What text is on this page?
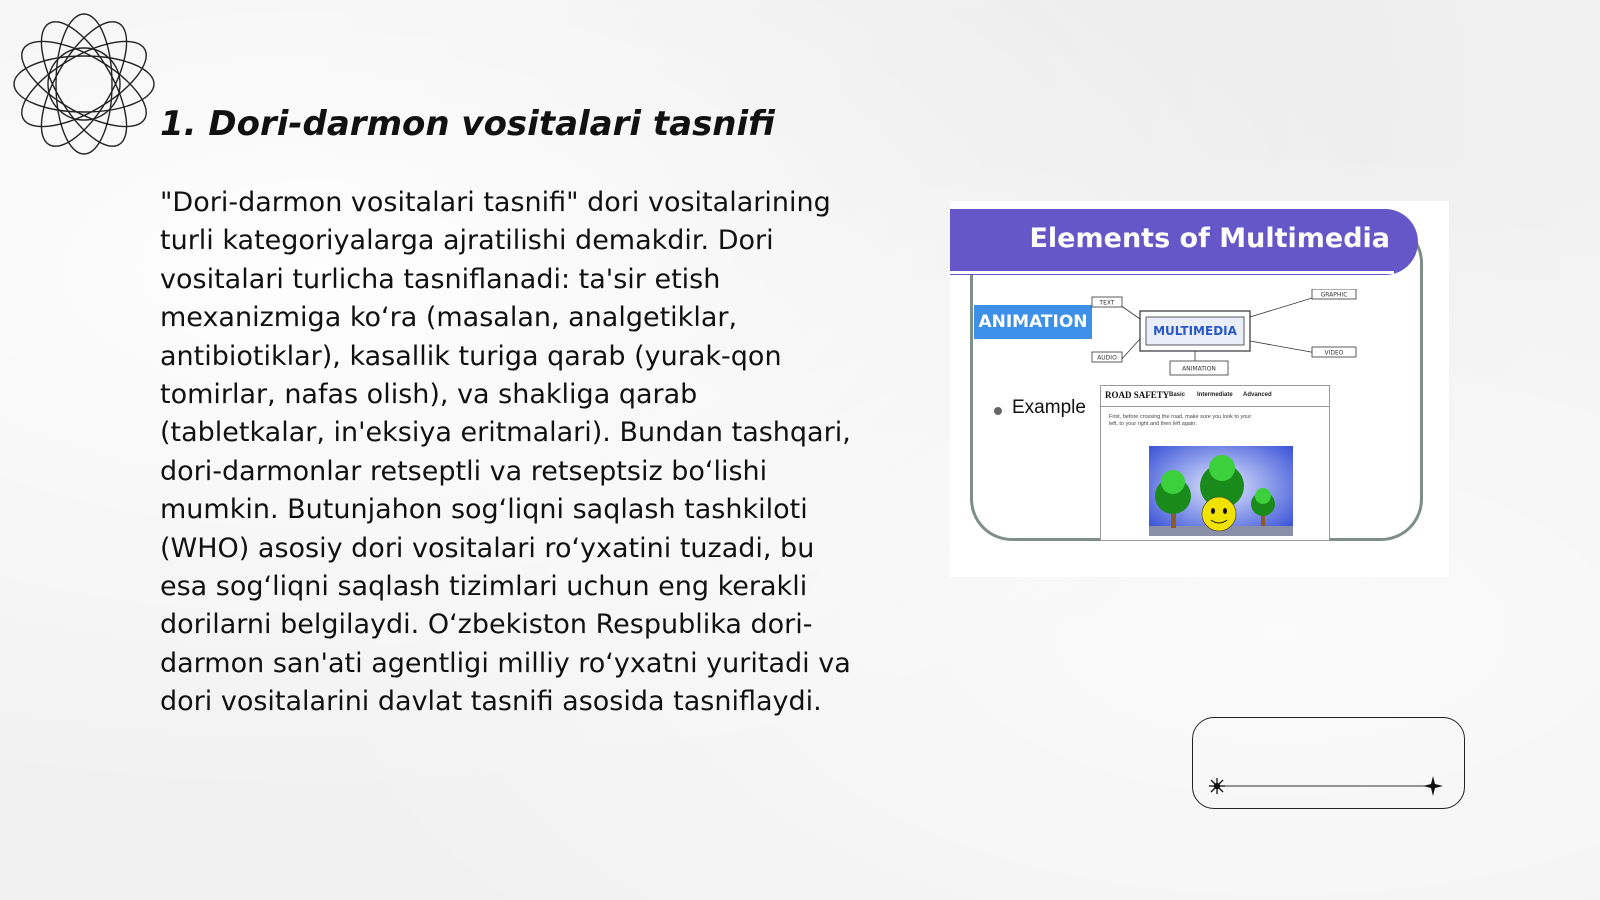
1. Dori-darmon vositalari tasnifi

"Dori-darmon vositalari tasnifi" dori vositalarining turli kategoriyalarga ajratilishi demakdir. Dori vositalari turlicha tasniflanadi: ta'sir etish mexanizmiga ko‘ra (masalan, analgetiklar, antibiotiklar), kasallik turiga qarab (yurak-qon tomirlar, nafas olish), va shakliga qarab (tabletkalar, in'eksiya eritmalari). Bundan tashqari, dori-darmonlar retseptli va retseptsiz bo‘lishi mumkin. Butunjahon sog‘liqni saqlash tashkiloti (WHO) asosiy dori vositalari ro‘yxatini tuzadi, bu esa sog‘liqni saqlash tizimlari uchun eng kerakli dorilarni belgilaydi. O‘zbekiston Respublika dori-darmon san'ati agentligi milliy ro‘yxatni yuritadi va dori vositalarini davlat tasnifi asosida tasniflaydi.

Elements of Multimedia
ANIMATION	MULTIMEDIA
TEXT
GRAPHIC
AUDIO
VIDEO
ANIMATION
Example
ROAD SAFETY Basic Intermediate Advanced
First, before crossing the road, make sure you look to your left, to your right and then left again.
